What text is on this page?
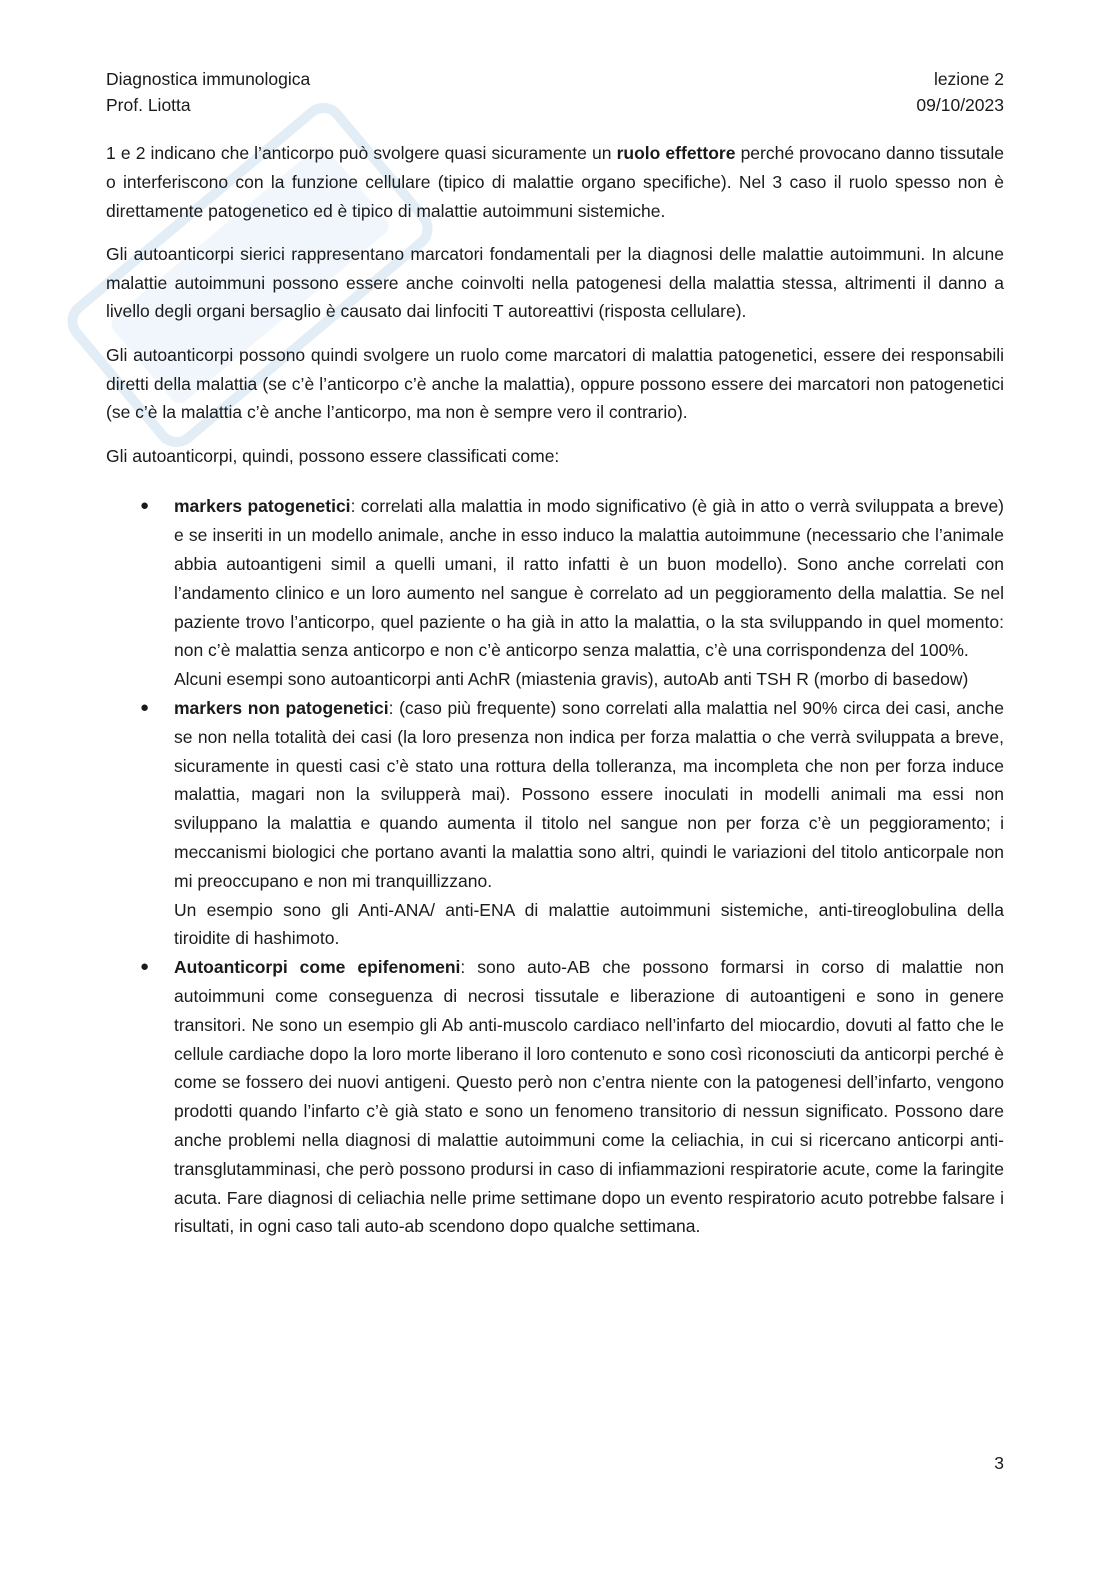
Diagnostica immunologica
Prof. Liotta
lezione 2
09/10/2023

1 e 2 indicano che l’anticorpo può svolgere quasi sicuramente un ruolo effettore perché provocano danno tissutale o interferiscono con la funzione cellulare (tipico di malattie organo specifiche). Nel 3 caso il ruolo spesso non è direttamente patogenetico ed è tipico di malattie autoimmuni sistemiche.

Gli autoanticorpi sierici rappresentano marcatori fondamentali per la diagnosi delle malattie autoimmuni. In alcune malattie autoimmuni possono essere anche coinvolti nella patogenesi della malattia stessa, altrimenti il danno a livello degli organi bersaglio è causato dai linfociti T autoreattivi (risposta cellulare).

Gli autoanticorpi possono quindi svolgere un ruolo come marcatori di malattia patogenetici, essere dei responsabili diretti della malattia (se c’è l’anticorpo c’è anche la malattia), oppure possono essere dei marcatori non patogenetici (se c’è la malattia c’è anche l’anticorpo, ma non è sempre vero il contrario).

Gli autoanticorpi, quindi, possono essere classificati come:

● markers patogenetici: correlati alla malattia in modo significativo (è già in atto o verrà sviluppata a breve) e se inseriti in un modello animale, anche in esso induco la malattia autoimmune (necessario che l’animale abbia autoantigeni simil a quelli umani, il ratto infatti è un buon modello). Sono anche correlati con l’andamento clinico e un loro aumento nel sangue è correlato ad un peggioramento della malattia. Se nel paziente trovo l’anticorpo, quel paziente o ha già in atto la malattia, o la sta sviluppando in quel momento: non c’è malattia senza anticorpo e non c’è anticorpo senza malattia, c’è una corrispondenza del 100%.
Alcuni esempi sono autoanticorpi anti AchR (miastenia gravis), autoAb anti TSH R (morbo di basedow)
● markers non patogenetici: (caso più frequente) sono correlati alla malattia nel 90% circa dei casi, anche se non nella totalità dei casi (la loro presenza non indica per forza malattia o che verrà sviluppata a breve, sicuramente in questi casi c’è stato una rottura della tolleranza, ma incompleta che non per forza induce malattia, magari non la svilupperà mai). Possono essere inoculati in modelli animali ma essi non sviluppano la malattia e quando aumenta il titolo nel sangue non per forza c’è un peggioramento; i meccanismi biologici che portano avanti la malattia sono altri, quindi le variazioni del titolo anticorpale non mi preoccupano e non mi tranquillizzano.
Un esempio sono gli Anti-ANA/ anti-ENA di malattie autoimmuni sistemiche, anti-tireoglobulina della tiroidite di hashimoto.
● Autoanticorpi come epifenomeni: sono auto-AB che possono formarsi in corso di malattie non autoimmuni come conseguenza di necrosi tissutale e liberazione di autoantigeni e sono in genere transitori. Ne sono un esempio gli Ab anti-muscolo cardiaco nell’infarto del miocardio, dovuti al fatto che le cellule cardiache dopo la loro morte liberano il loro contenuto e sono così riconosciuti da anticorpi perché è come se fossero dei nuovi antigeni. Questo però non c’entra niente con la patogenesi dell’infarto, vengono prodotti quando l’infarto c’è già stato e sono un fenomeno transitorio di nessun significato. Possono dare anche problemi nella diagnosi di malattie autoimmuni come la celiachia, in cui si ricercano anticorpi anti-transglutamminasi, che però possono prodursi in caso di infiammazioni respiratorie acute, come la faringite acuta. Fare diagnosi di celiachia nelle prime settimane dopo un evento respiratorio acuto potrebbe falsare i risultati, in ogni caso tali auto-ab scendono dopo qualche settimana.
3
